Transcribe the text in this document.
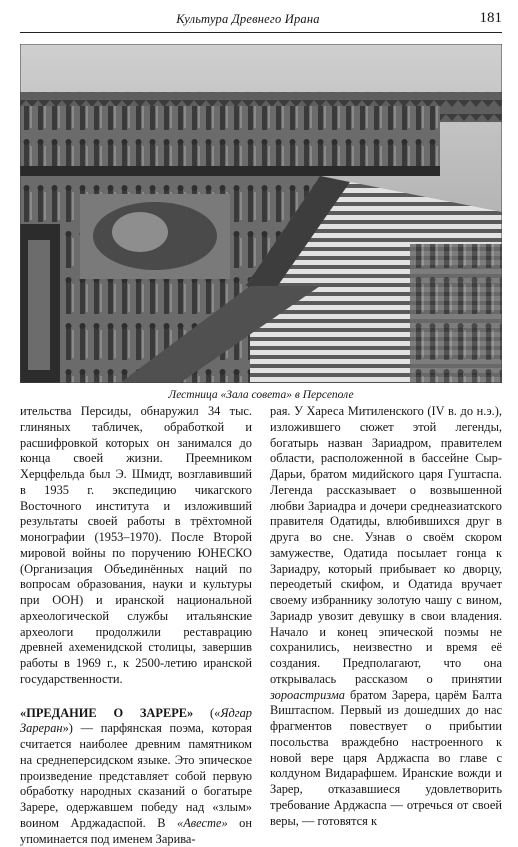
Культура Древнего Ирана	181
Лестница «Зала совета» в Персеполе

ительства Персиды, обнаружил 34 тыс. глиняных табличек, обработкой и расшифровкой которых он занимался до конца своей жизни. Преемником Херцфельда был Э. Шмидт, возглавивший в 1935 г. экспедицию чикагского Восточного института и изложивший результаты своей работы в трёхтомной монографии (1953–1970). После Второй мировой войны по поручению ЮНЕСКО (Организация Объединённых наций по вопросам образования, науки и культуры при ООН) и иранской национальной археологической службы итальянские археологи продолжили реставрацию древней ахеменидской столицы, завершив работы в 1969 г., к 2500-летию иранской государственности.

«ПРЕДАНИЕ О ЗАРЕРЕ» («Ядгар Зареран») — парфянская поэма, которая считается наиболее древним памятником на среднеперсидском языке. Это эпическое произведение представляет собой первую обработку народных сказаний о богатыре Зарере, одержавшем победу над «злым» воином Арджадаспой. В «Авесте» он упоминается под именем Зарива-

рая. У Хареса Митиленского (IV в. до н.э.), изложившего сюжет этой легенды, богатырь назван Зариадром, правителем области, расположенной в бассейне Сыр-Дарьи, братом мидийского царя Гуштаспа. Легенда рассказывает о возвышенной любви Зариадра и дочери среднеазиатского правителя Одатиды, влюбившихся друг в друга во сне. Узнав о своём скором замужестве, Одатида посылает гонца к Зариадру, который прибывает ко дворцу, переодетый скифом, и Одатида вручает своему избраннику золотую чашу с вином, Зариадр увозит девушку в свои владения. Начало и конец эпической поэмы не сохранились, неизвестно и время её создания. Предполагают, что она открывалась рассказом о принятии зороастризма братом Зарера, царём Балта Виштаспом. Первый из дошедших до нас фрагментов повествует о прибытии посольства враждебно настроенного к новой вере царя Арджаспа во главе с колдуном Видарафшем. Иранские вожди и Зарер, отказавшиеся удовлетворить требование Арджаспа — отречься от своей веры, — готовятся к
